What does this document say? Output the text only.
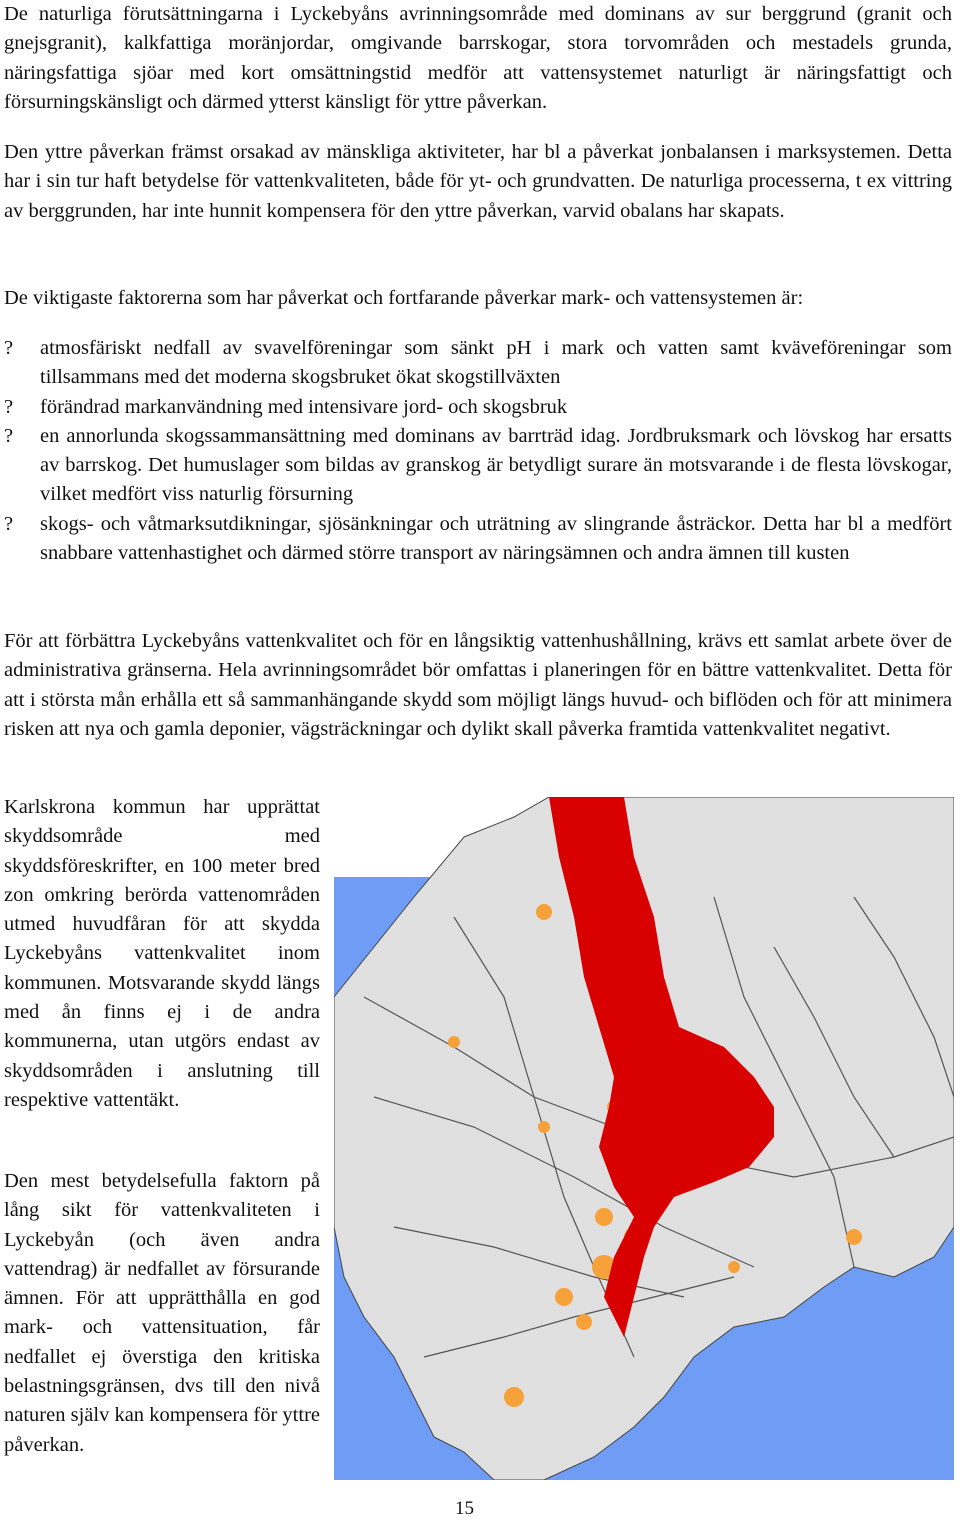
De naturliga förutsättningarna i Lyckebyåns avrinningsområde med dominans av sur berggrund (granit och gnejsgranit), kalkfattiga moränjordar, omgivande barrskogar, stora torvområden och mestadels grunda, näringsfattiga sjöar med kort omsättningstid medför att vattensystemet naturligt är näringsfattigt och försurningskänsligt och därmed ytterst känsligt för yttre påverkan.

Den yttre påverkan främst orsakad av mänskliga aktiviteter, har bl a påverkat jonbalansen i marksystemen. Detta har i sin tur haft betydelse för vattenkvaliteten, både för yt- och grundvatten. De naturliga processerna, t ex vittring av berggrunden, har inte hunnit kompensera för den yttre påverkan, varvid obalans har skapats.

De viktigaste faktorerna som har påverkat och fortfarande påverkar mark- och vattensystemen är:

? atmosfäriskt nedfall av svavelföreningar som sänkt pH i mark och vatten samt kväveföreningar som tillsammans med det moderna skogsbruket ökat skogstillväxten
? förändrad markanvändning med intensivare jord- och skogsbruk
? en annorlunda skogssammansättning med dominans av barrträd idag. Jordbruksmark och lövskog har ersatts av barrskog. Det humuslager som bildas av granskog är betydligt surare än motsvarande i de flesta lövskogar, vilket medfört viss naturlig försurning
? skogs- och våtmarksutdikningar, sjösänkningar och uträtning av slingrande åsträckor. Detta har bl a medfört snabbare vattenhastighet och därmed större transport av näringsämnen och andra ämnen till kusten

För att förbättra Lyckebyåns vattenkvalitet och för en långsiktig vattenhushållning, krävs ett samlat arbete över de administrativa gränserna. Hela avrinningsområdet bör omfattas i planeringen för en bättre vattenkvalitet. Detta för att i största mån erhålla ett så sammanhängande skydd som möjligt längs huvud- och biflöden och för att minimera risken att nya och gamla deponier, vägsträckningar och dylikt skall påverka framtida vattenkvalitet negativt.

Karlskrona kommun har upprättat skyddsområde med skyddsföreskrifter, en 100 meter bred zon omkring berörda vattenområden utmed huvudfåran för att skydda Lyckebyåns vattenkvalitet inom kommunen. Motsvarande skydd längs med ån finns ej i de andra kommunerna, utan utgörs endast av skyddsområden i anslutning till respektive vattentäkt.

Den mest betydelsefulla faktorn på lång sikt för vattenkvaliteten i Lyckebyån (och även andra vattendrag) är nedfallet av försurande ämnen. För att upprätthålla en god mark- och vattensituation, får nedfallet ej överstiga den kritiska belastningsgränsen, dvs till den nivå naturen själv kan kompensera för yttre påverkan.

15
